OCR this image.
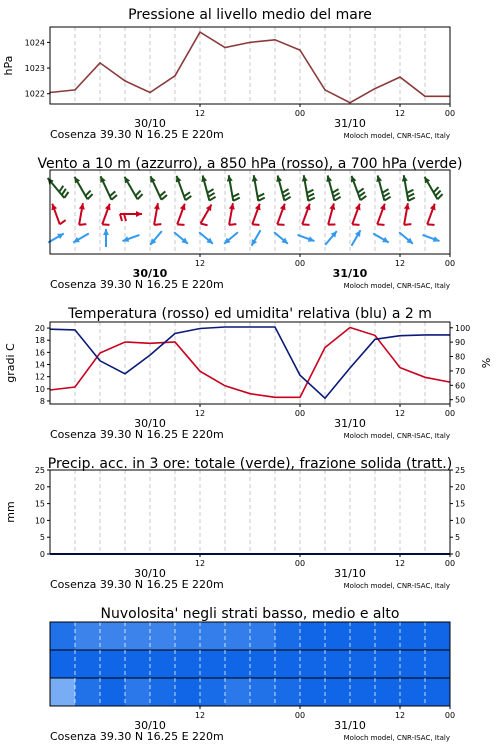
Pressione al livello medio del mare
1022
1023
1024
hPa
12	00	12	00
30/10	31/10
Cosenza 39.30 N 16.25 E 220m	Moloch model, CNR-ISAC, Italy
Vento a 10 m (azzurro), a 850 hPa (rosso), a 700 hPa (verde)
12	00	12	00
30/10	31/10
Cosenza 39.30 N 16.25 E 220m	Moloch model, CNR-ISAC, Italy
Temperatura (rosso) ed umidita' relativa (blu) a 2 m
8
10
12
14
16
18
20
50
60
70
80
90
100
gradi C	%
12	00	12	00
30/10	31/10
Cosenza 39.30 N 16.25 E 220m	Moloch model, CNR-ISAC, Italy
Precip. acc. in 3 ore: totale (verde), frazione solida (tratt.)
0
5
10
15
20
25
0
5
10
15
20
25
mm
12	00	12	00
30/10	31/10
Cosenza 39.30 N 16.25 E 220m	Moloch model, CNR-ISAC, Italy
Nuvolosita' negli strati basso, medio e alto
12	00	12	00
30/10	31/10
Cosenza 39.30 N 16.25 E 220m	Moloch model, CNR-ISAC, Italy
